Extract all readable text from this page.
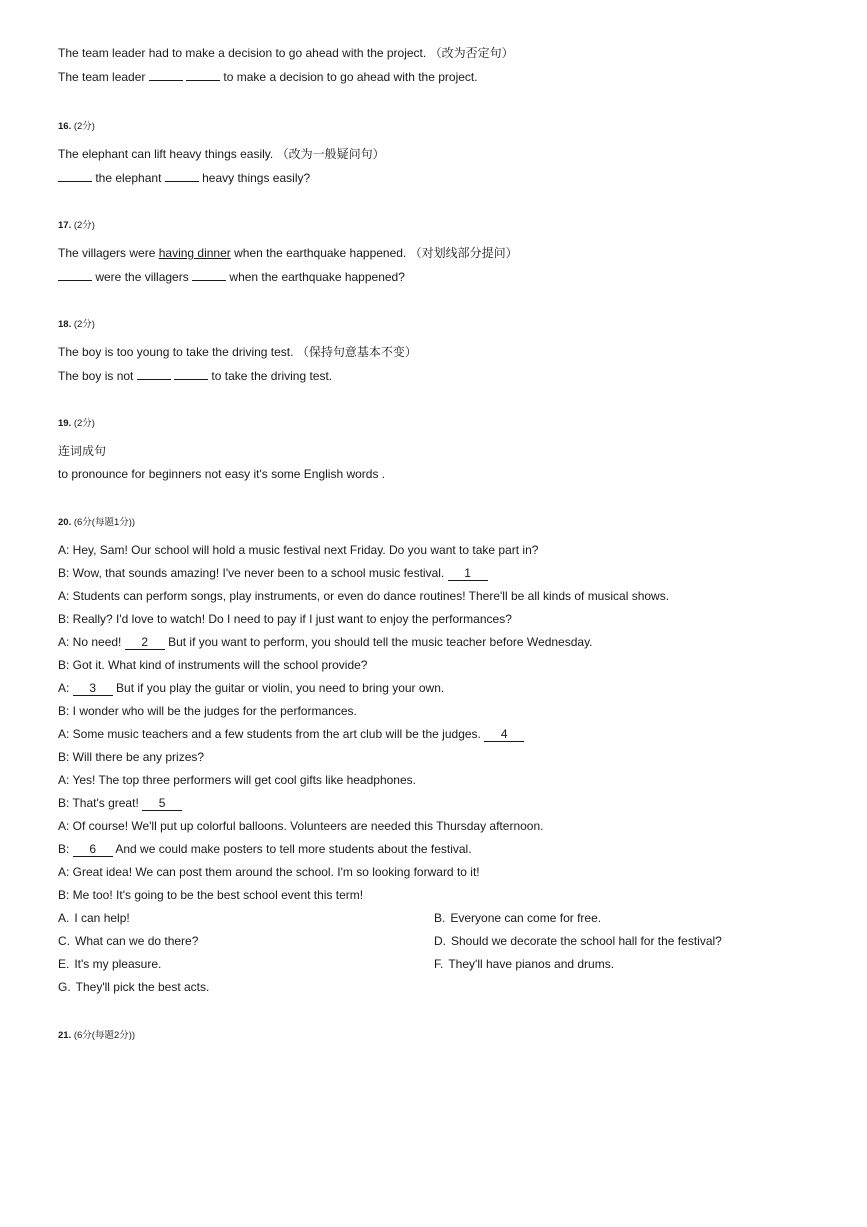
The team leader had to make a decision to go ahead with the project. （改为否定句）
The team leader	to make a decision to go ahead with the project.
16. (2分)
The elephant can lift heavy things easily. （改为一般疑问句）
the elephant	heavy things easily?
17. (2分)
The villagers were having dinner when the earthquake happened. （对划线部分提问）
were the villagers	when the earthquake happened?
18. (2分)
The boy is too young to take the driving test. （保持句意基本不变）
The boy is not	to take the driving test.
19. (2分)
连词成句
to pronounce for beginners not easy it's some English words .
20. (6分(每题1分))
A: Hey, Sam! Our school will hold a music festival next Friday. Do you want to take part in?
B: Wow, that sounds amazing! I've never been to a school music festival. 1
A: Students can perform songs, play instruments, or even do dance routines! There'll be all kinds of musical shows.
B: Really? I'd love to watch! Do I need to pay if I just want to enjoy the performances?
A: No need! 2 But if you want to perform, you should tell the music teacher before Wednesday.
B: Got it. What kind of instruments will the school provide?
A: 3 But if you play the guitar or violin, you need to bring your own.
B: I wonder who will be the judges for the performances.
A: Some music teachers and a few students from the art club will be the judges. 4
B: Will there be any prizes?
A: Yes! The top three performers will get cool gifts like headphones.
B: That's great! 5
A: Of course! We'll put up colorful balloons. Volunteers are needed this Thursday afternoon.
B: 6 And we could make posters to tell more students about the festival.
A: Great idea! We can post them around the school. I'm so looking forward to it!
B: Me too! It's going to be the best school event this term!
A. I can help!	B. Everyone can come for free.
C. What can we do there?	D. Should we decorate the school hall for the festival?
E. It's my pleasure.	F. They'll have pianos and drums.
G. They'll pick the best acts.
21. (6分(每题2分))
